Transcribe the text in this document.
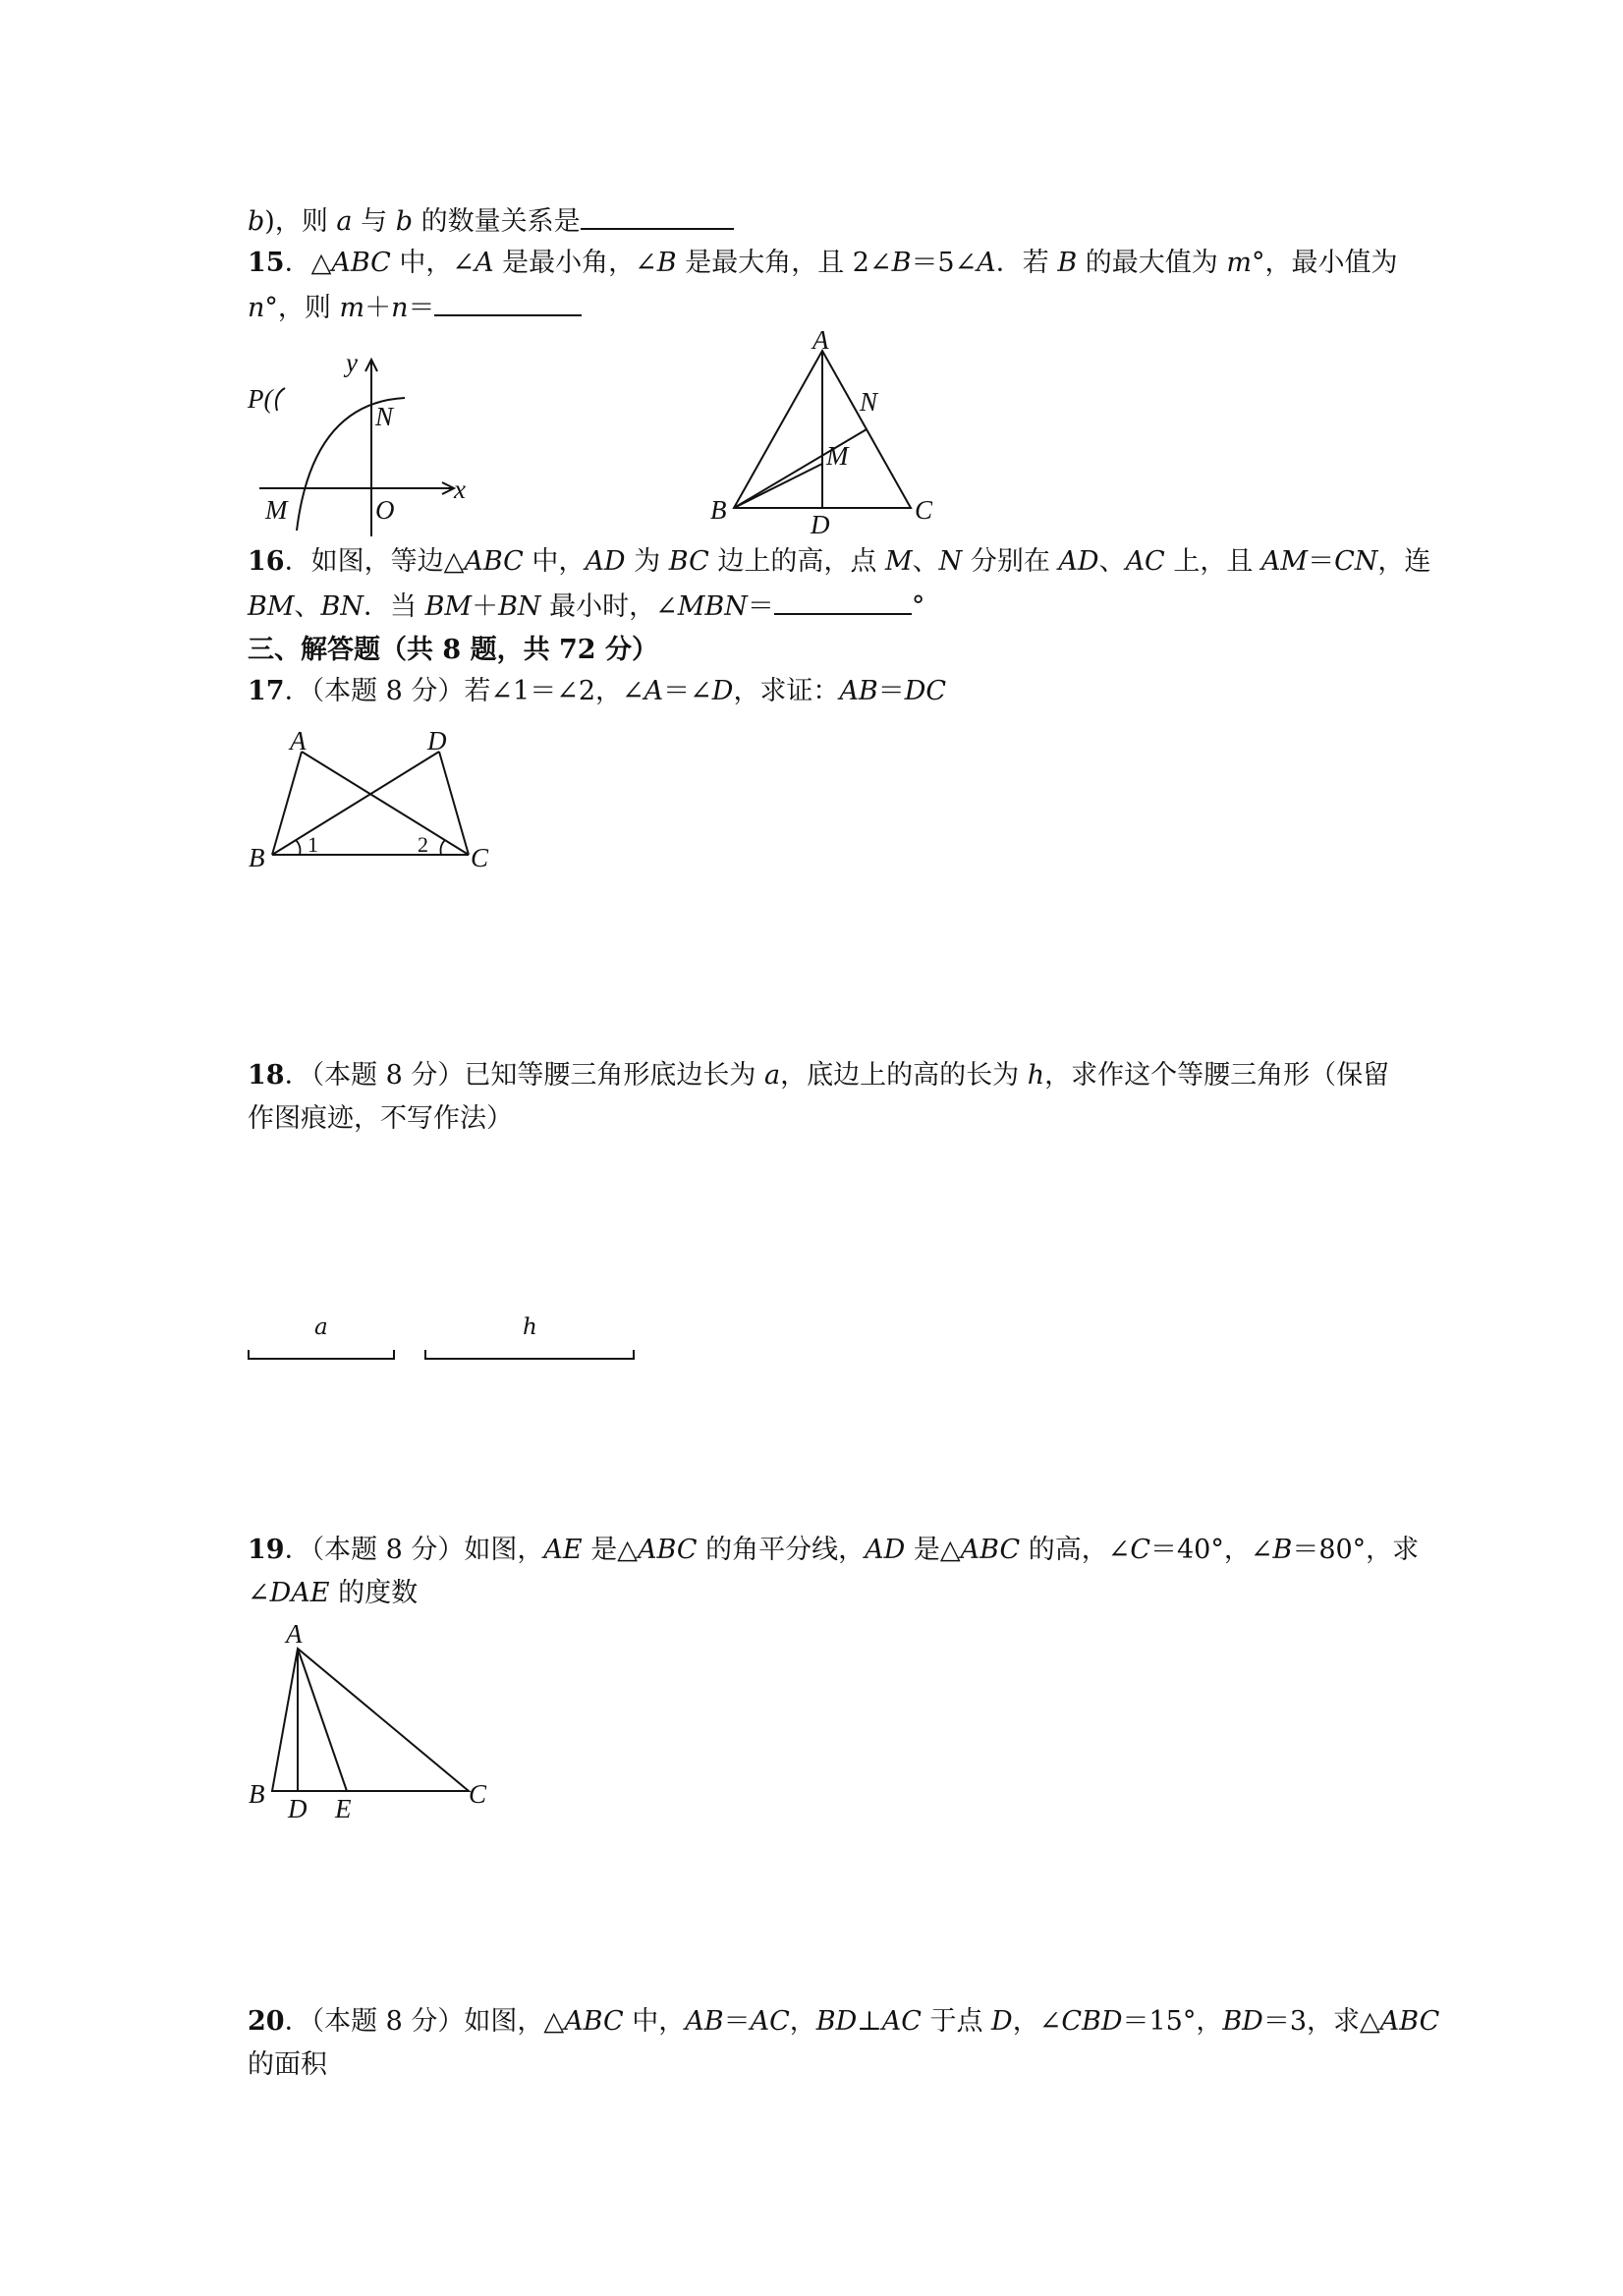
b)，则 a 与 b 的数量关系是
15．△ABC 中，∠A 是最小角，∠B 是最大角，且 2∠B＝5∠A．若 B 的最大值为 m°，最小值为
n°，则 m＋n＝
P(
y
x
N
M	O
A
N
M
B	D	C
16．如图，等边△ABC 中，AD 为 BC 边上的高，点 M、N 分别在 AD、AC 上，且 AM＝CN，连
BM、BN．当 BM＋BN 最小时，∠MBN＝	°
三、解答题（共 8 题，共 72 分）
17．（本题 8 分）若∠1＝∠2，∠A＝∠D，求证：AB＝DC
A	D
B	C
1	2
18．（本题 8 分）已知等腰三角形底边长为 a，底边上的高的长为 h，求作这个等腰三角形（保留
作图痕迹，不写作法）
a	h
19．（本题 8 分）如图，AE 是△ABC 的角平分线，AD 是△ABC 的高，∠C＝40°，∠B＝80°，求
∠DAE 的度数
A
B D E	C
20．（本题 8 分）如图，△ABC 中，AB＝AC，BD⊥AC 于点 D，∠CBD＝15°，BD＝3，求△ABC
的面积
